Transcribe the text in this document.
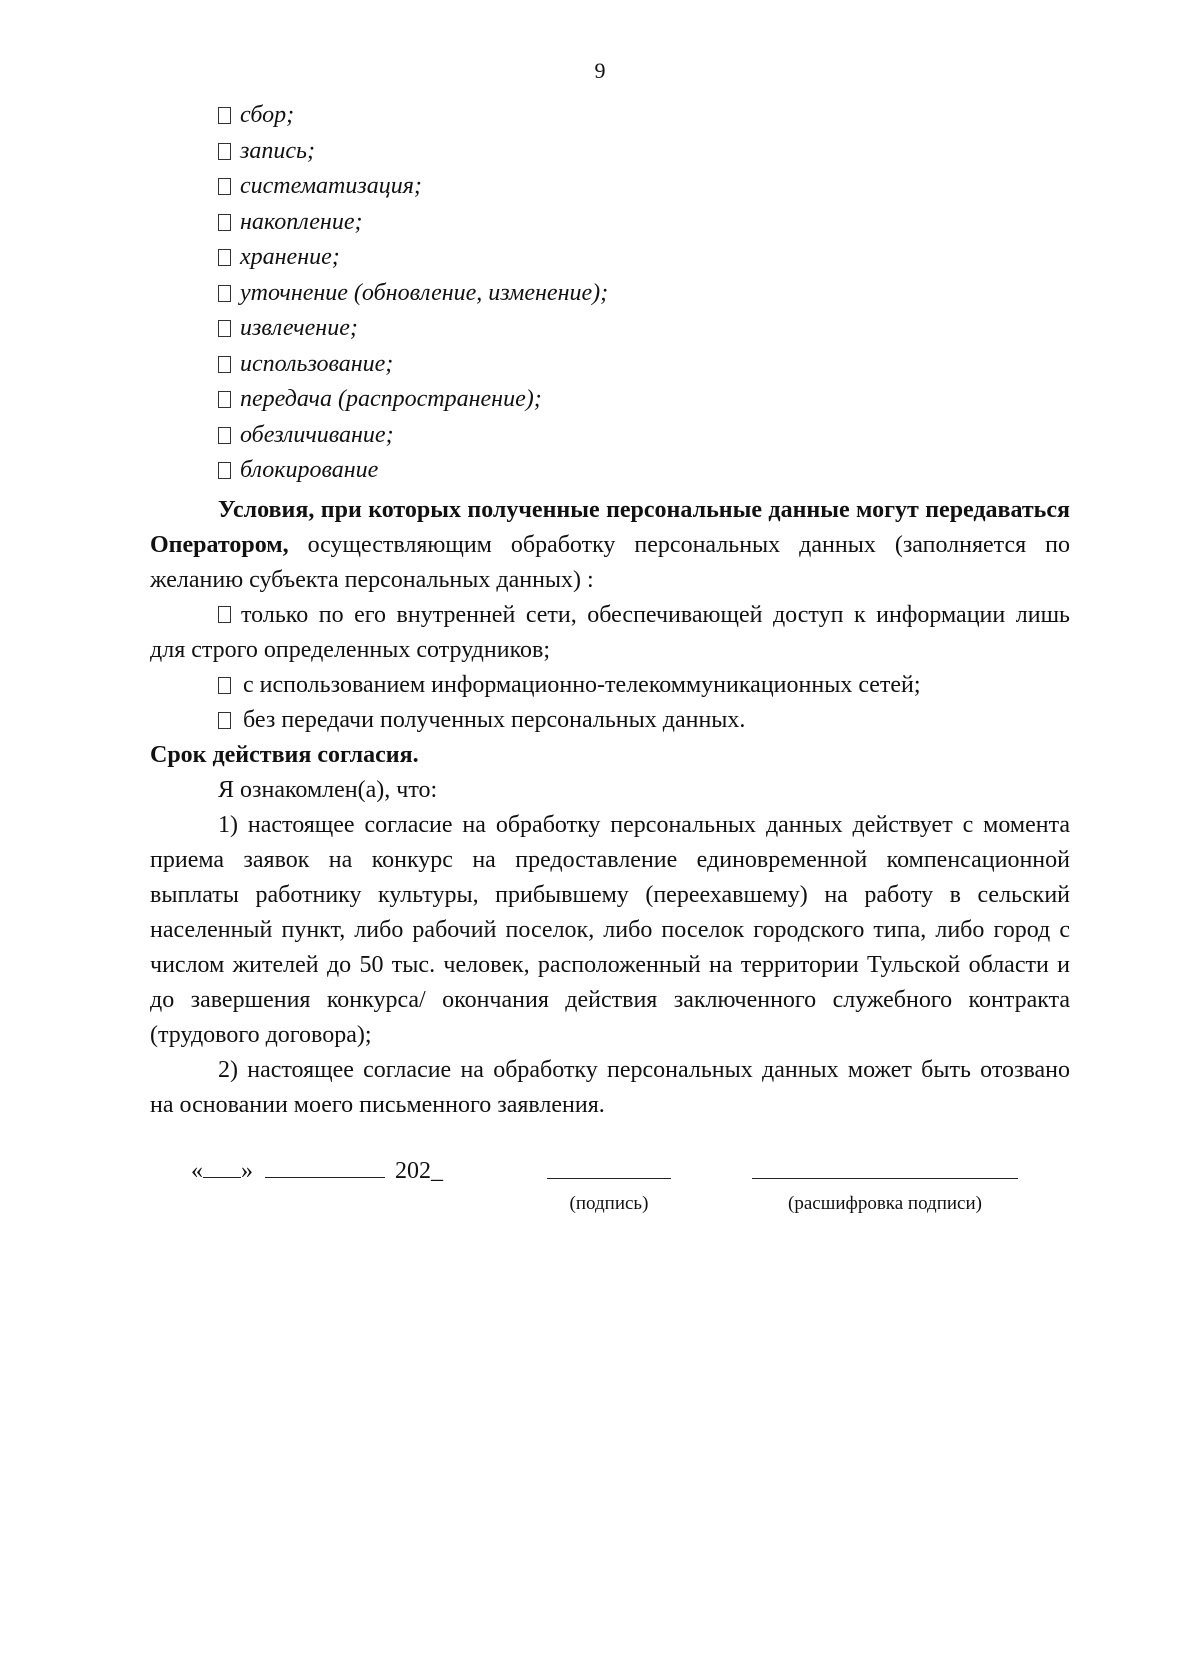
9
сбор;
запись;
систематизация;
накопление;
хранение;
уточнение (обновление, изменение);
извлечение;
использование;
передача (распространение);
обезличивание;
блокирование

Условия, при которых полученные персональные данные могут передаваться Оператором, осуществляющим обработку персональных данных (заполняется по желанию субъекта персональных данных) :

только по его внутренней сети, обеспечивающей доступ к информации лишь для строго определенных сотрудников;

с использованием информационно-телекоммуникационных сетей;
без передачи полученных персональных данных.

Срок действия согласия.

Я ознакомлен(а), что:

1) настоящее согласие на обработку персональных данных действует с момента приема заявок на конкурс на предоставление единовременной компенсационной выплаты работнику культуры, прибывшему (переехавшему) на работу в сельский населенный пункт, либо рабочий поселок, либо поселок городского типа, либо город с числом жителей до 50 тыс. человек, расположенный на территории Тульской области и до завершения конкурса/ окончания действия заключенного служебного контракта (трудового договора);

2) настоящее согласие на обработку персональных данных может быть отозвано на основании моего письменного заявления.

« »	202_
(подпись)	(расшифровка подписи)
